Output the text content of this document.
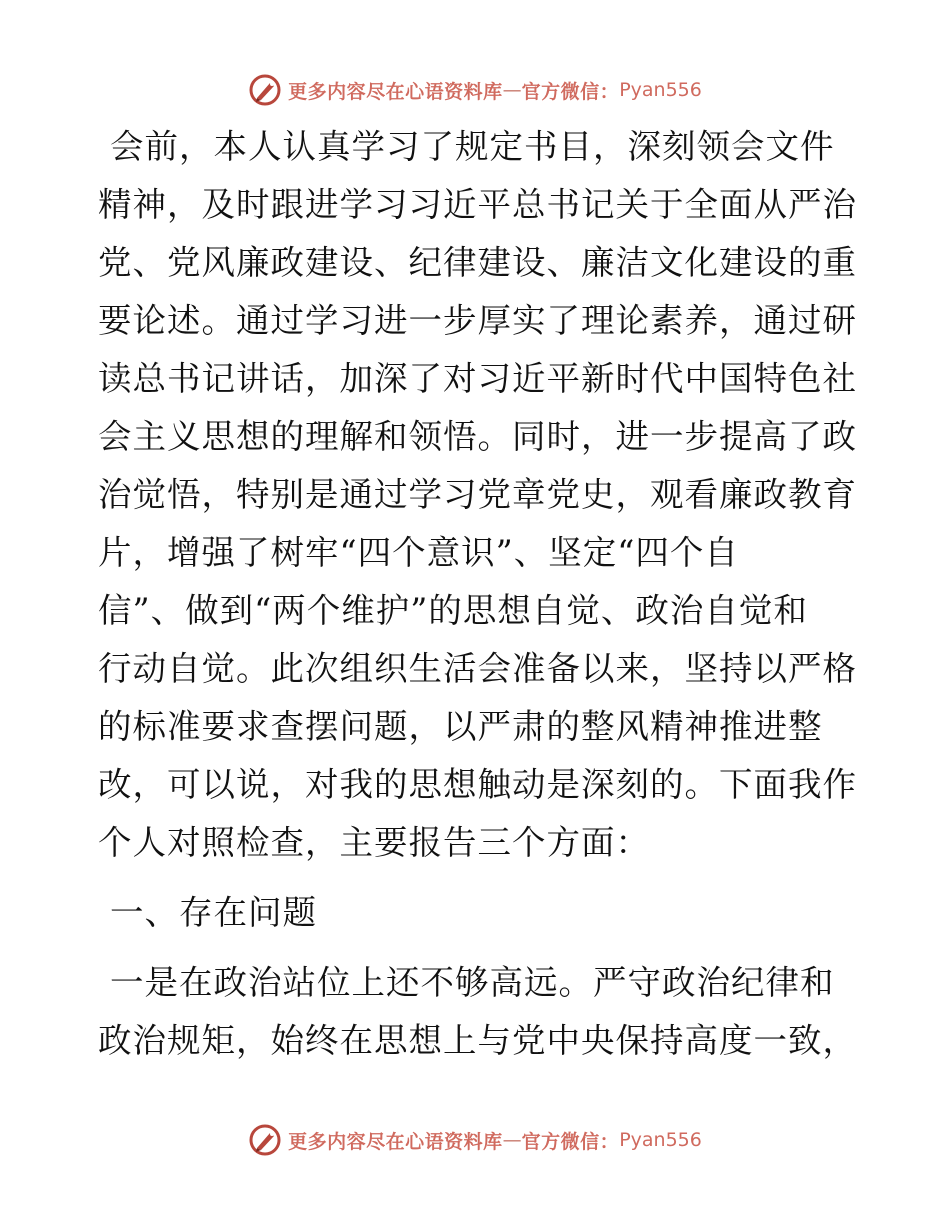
更多内容尽在心语资料库 — 官方微信： Pyan556
会前，本人认真学习了规定书目，深刻领会文件
精神，及时跟进学习习近平总书记关于全面从严治
党、党风廉政建设、纪律建设、廉洁文化建设的重
要论述。通过学习进一步厚实了理论素养，通过研
读总书记讲话，加深了对习近平新时代中国特色社
会主义思想的理解和领悟。同时，进一步提高了政
治觉悟，特别是通过学习党章党史，观看廉政教育
片，增强了树牢“四个意识”、坚定“四个自
信”、做到“两个维护”的思想自觉、政治自觉和
行动自觉。此次组织生活会准备以来，坚持以严格
的标准要求查摆问题，以严肃的整风精神推进整
改，可以说，对我的思想触动是深刻的。下面我作
个人对照检查，主要报告三个方面：
一、存在问题
一是在政治站位上还不够高远。严守政治纪律和
政治规矩，始终在思想上与党中央保持高度一致，
更多内容尽在心语资料库 — 官方微信： Pyan556
